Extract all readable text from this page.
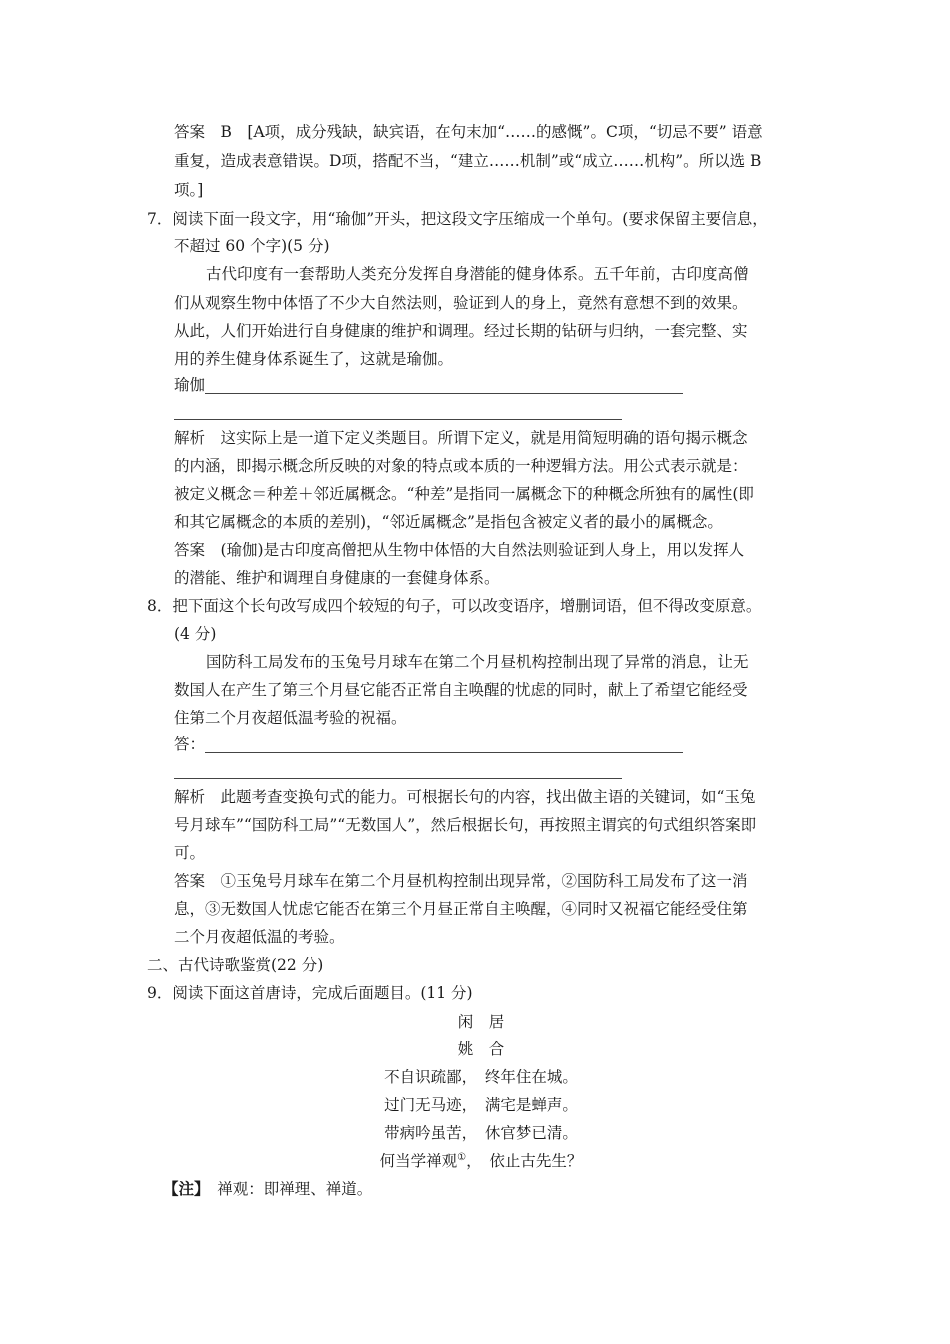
答案　B　[A项，成分残缺，缺宾语，在句末加“……的感慨”。C项，“切忌不要” 语意
重复，造成表意错误。D项，搭配不当，“建立……机制”或“成立……机构”。所以选 B
项。]
7．阅读下面一段文字，用“瑜伽”开头，把这段文字压缩成一个单句。(要求保留主要信息，
不超过 60 个字)(5 分)
古代印度有一套帮助人类充分发挥自身潜能的健身体系。五千年前，古印度高僧
们从观察生物中体悟了不少大自然法则，验证到人的身上，竟然有意想不到的效果。
从此，人们开始进行自身健康的维护和调理。经过长期的钻研与归纳，一套完整、实
用的养生健身体系诞生了，这就是瑜伽。
瑜伽
解析　这实际上是一道下定义类题目。所谓下定义，就是用简短明确的语句揭示概念
的内涵，即揭示概念所反映的对象的特点或本质的一种逻辑方法。用公式表示就是：
被定义概念＝种差＋邻近属概念。“种差”是指同一属概念下的种概念所独有的属性(即
和其它属概念的本质的差别)，“邻近属概念”是指包含被定义者的最小的属概念。
答案　(瑜伽)是古印度高僧把从生物中体悟的大自然法则验证到人身上，用以发挥人
的潜能、维护和调理自身健康的一套健身体系。
8．把下面这个长句改写成四个较短的句子，可以改变语序，增删词语，但不得改变原意。
(4 分)
国防科工局发布的玉兔号月球车在第二个月昼机构控制出现了异常的消息，让无
数国人在产生了第三个月昼它能否正常自主唤醒的忧虑的同时，献上了希望它能经受
住第二个月夜超低温考验的祝福。
答：
解析　此题考查变换句式的能力。可根据长句的内容，找出做主语的关键词，如“玉兔
号月球车”“国防科工局”“无数国人”，然后根据长句，再按照主谓宾的句式组织答案即
可。
答案　①玉兔号月球车在第二个月昼机构控制出现异常，②国防科工局发布了这一消
息，③无数国人忧虑它能否在第三个月昼正常自主唤醒，④同时又祝福它能经受住第
二个月夜超低温的考验。
二、古代诗歌鉴赏(22 分)
9．阅读下面这首唐诗，完成后面题目。(11 分)
闲　居
姚　合
不自识疏鄙，　终年住在城。
过门无马迹，　满宅是蝉声。
带病吟虽苦，　休官梦已清。
何当学禅观①，　依止古先生？
【注】　禅观：即禅理、禅道。
